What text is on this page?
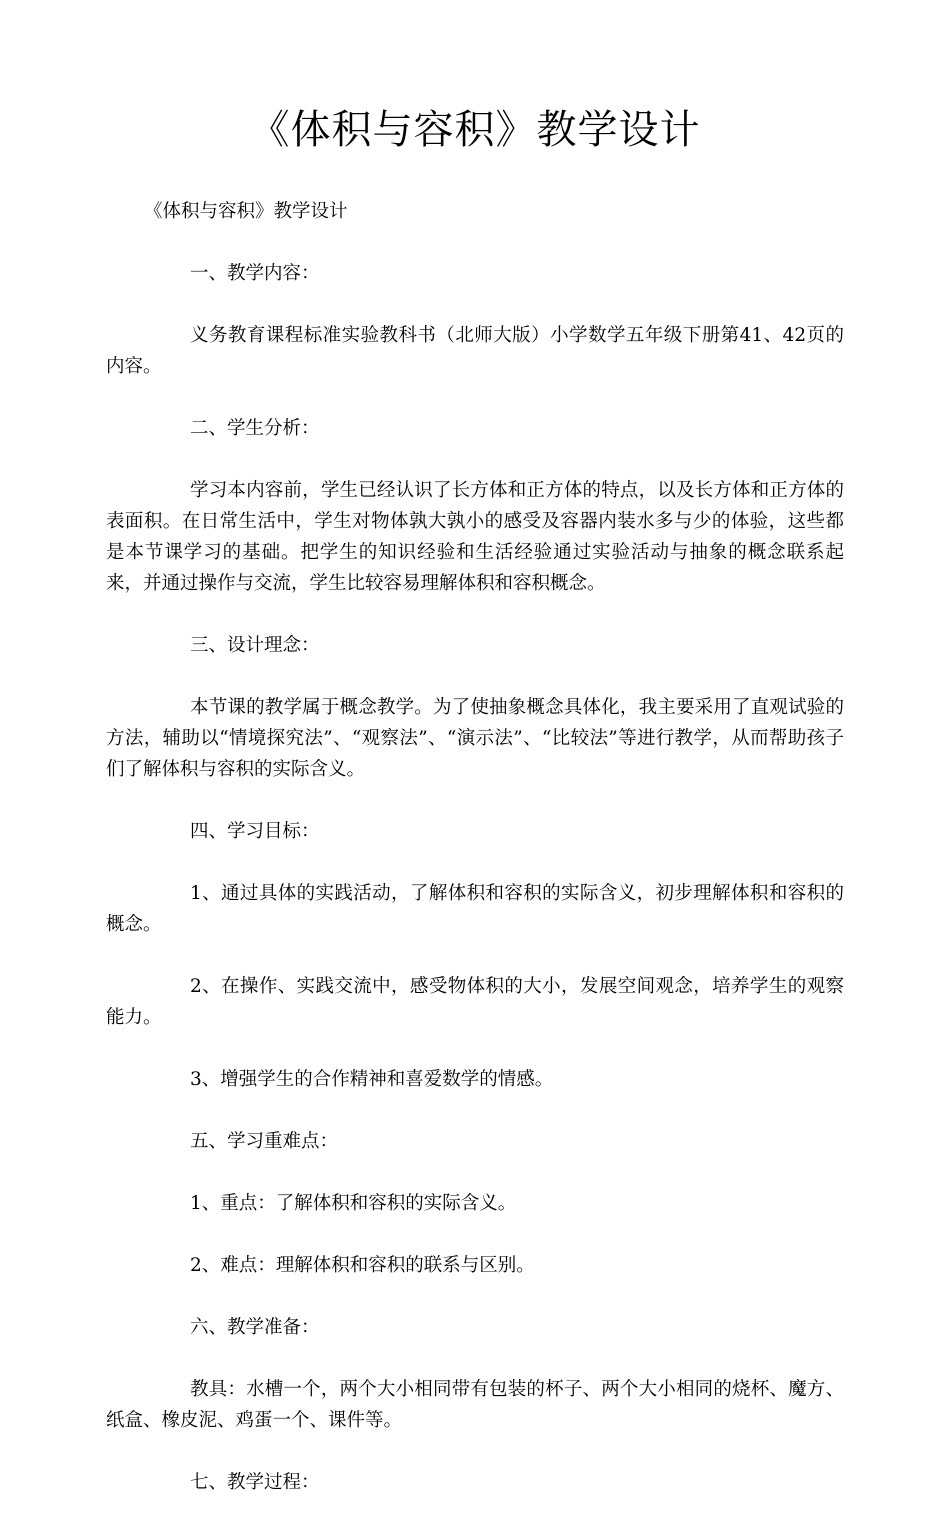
《体积与容积》教学设计

《体积与容积》教学设计

一、教学内容：

义务教育课程标准实验教科书（北师大版）小学数学五年级下册第41、42页的内容。

二、学生分析：

学习本内容前，学生已经认识了长方体和正方体的特点，以及长方体和正方体的表面积。在日常生活中，学生对物体孰大孰小的感受及容器内装水多与少的体验，这些都是本节课学习的基础。把学生的知识经验和生活经验通过实验活动与抽象的概念联系起来，并通过操作与交流，学生比较容易理解体积和容积概念。

三、设计理念：

本节课的教学属于概念教学。为了使抽象概念具体化，我主要采用了直观试验的方法，辅助以“情境探究法”、“观察法”、“演示法”、“比较法”等进行教学，从而帮助孩子们了解体积与容积的实际含义。

四、学习目标：

1、通过具体的实践活动，了解体积和容积的实际含义，初步理解体积和容积的概念。

2、在操作、实践交流中，感受物体积的大小，发展空间观念，培养学生的观察能力。

3、增强学生的合作精神和喜爱数学的情感。

五、学习重难点：

1、重点：了解体积和容积的实际含义。

2、难点：理解体积和容积的联系与区别。

六、教学准备：

教具：水槽一个，两个大小相同带有包装的杯子、两个大小相同的烧杯、魔方、纸盒、橡皮泥、鸡蛋一个、课件等。

七、教学过程：
